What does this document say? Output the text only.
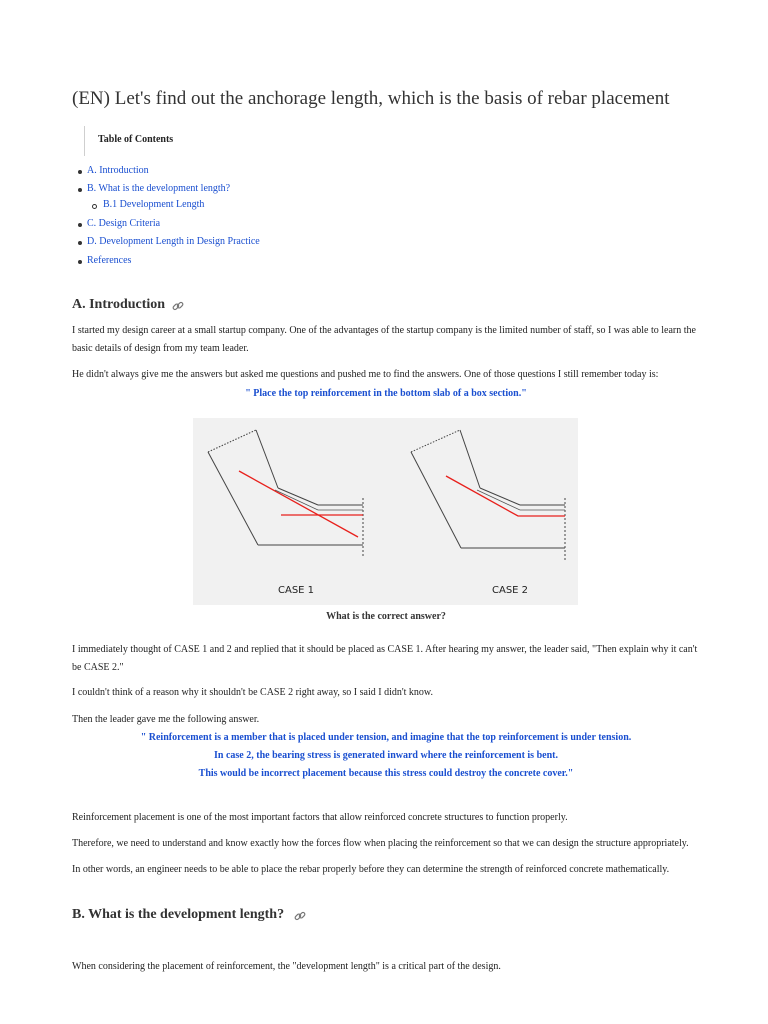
(EN) Let's find out the anchorage length, which is the basis of rebar placement
Table of Contents
A. Introduction
B. What is the development length?
B.1 Development Length
C. Design Criteria
D. Development Length in Design Practice
References
A. Introduction

I started my design career at a small startup company. One of the advantages of the startup company is the limited number of staff, so I was able to learn the basic details of design from my team leader.

He didn't always give me the answers but asked me questions and pushed me to find the answers. One of those questions I still remember today is:

" Place the top reinforcement in the bottom slab of a box section."

CASE 1	CASE 2

What is the correct answer?

I immediately thought of CASE 1 and 2 and replied that it should be placed as CASE 1. After hearing my answer, the leader said, "Then explain why it can't be CASE 2."

I couldn't think of a reason why it shouldn't be CASE 2 right away, so I said I didn't know.

Then the leader gave me the following answer.

" Reinforcement is a member that is placed under tension, and imagine that the top reinforcement is under tension.

In case 2, the bearing stress is generated inward where the reinforcement is bent.

This would be incorrect placement because this stress could destroy the concrete cover."

Reinforcement placement is one of the most important factors that allow reinforced concrete structures to function properly.

Therefore, we need to understand and know exactly how the forces flow when placing the reinforcement so that we can design the structure appropriately.

In other words, an engineer needs to be able to place the rebar properly before they can determine the strength of reinforced concrete mathematically.

B. What is the development length?

When considering the placement of reinforcement, the "development length" is a critical part of the design.
